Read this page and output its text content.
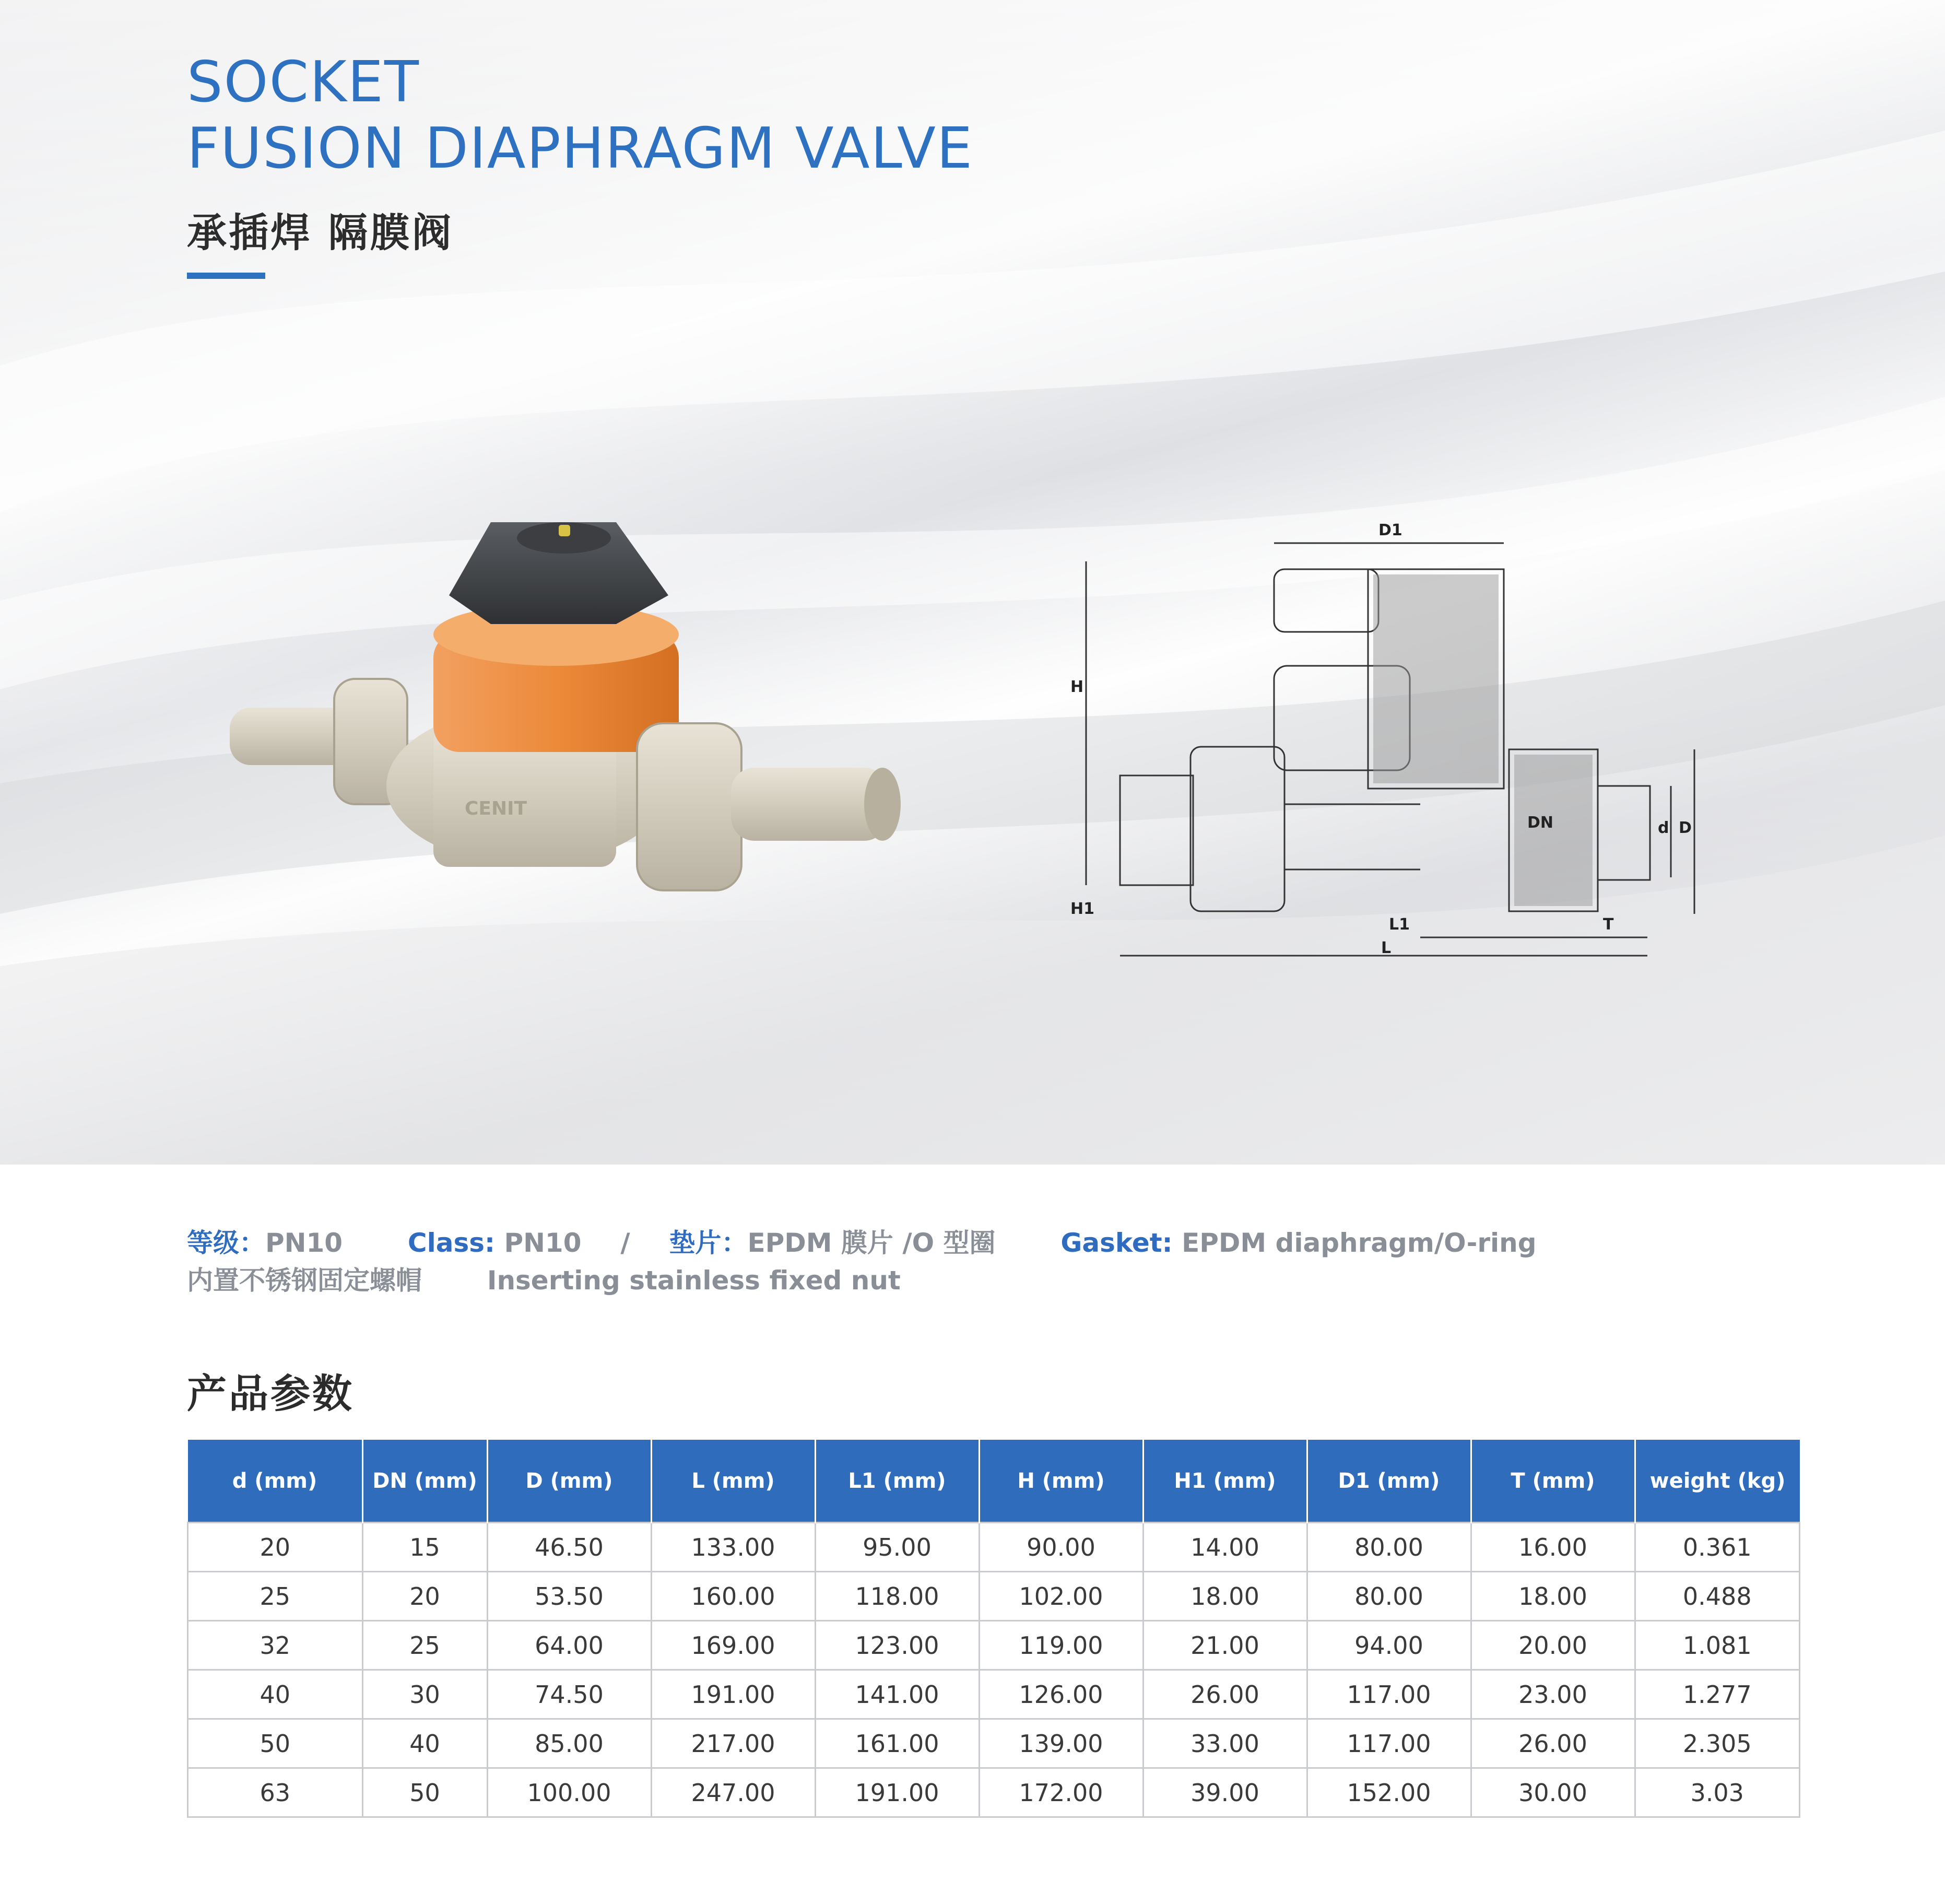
SOCKET
FUSION DIAPHRAGM VALVE
承插焊 隔膜阀
CENIT
D1
H
H1
DN	d D
L1	T
L
等级：PN10 Class: PN10 / 垫片：EPDM 膜片 /O 型圈 Gasket: EPDM diaphragm/O-ring
内置不锈钢固定螺帽 Inserting stainless fixed nut
产品参数
d (mm)	DN (mm)	D (mm)	L (mm)	L1 (mm)	H (mm)	H1 (mm)	D1 (mm)	T (mm)	weight (kg)
20	15	46.50	133.00	95.00	90.00	14.00	80.00	16.00	0.361
25	20	53.50	160.00	118.00	102.00	18.00	80.00	18.00	0.488
32	25	64.00	169.00	123.00	119.00	21.00	94.00	20.00	1.081
40	30	74.50	191.00	141.00	126.00	26.00	117.00	23.00	1.277
50	40	85.00	217.00	161.00	139.00	33.00	117.00	26.00	2.305
63	50	100.00	247.00	191.00	172.00	39.00	152.00	30.00	3.03
